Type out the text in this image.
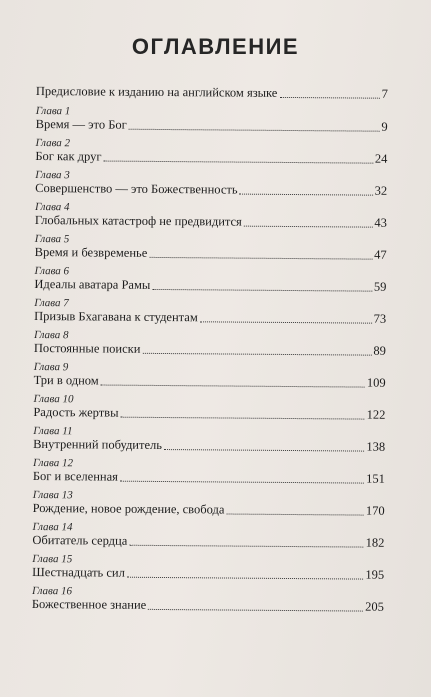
ОГЛАВЛЕНИЕ
Предисловие к изданию на английском языке	7
Глава 1
Время — это Бог	9
Глава 2
Бог как друг	24
Глава 3
Совершенство — это Божественность	32
Глава 4
Глобальных катастроф не предвидится	43
Глава 5
Время и безвременье	47
Глава 6
Идеалы аватара Рамы	59
Глава 7
Призыв Бхагавана к студентам	73
Глава 8
Постоянные поиски	89
Глава 9
Три в одном	109
Глава 10
Радость жертвы	122
Глава 11
Внутренний побудитель	138
Глава 12
Бог и вселенная	151
Глава 13
Рождение, новое рождение, свобода	170
Глава 14
Обитатель сердца	182
Глава 15
Шестнадцать сил	195
Глава 16
Божественное знание	205
